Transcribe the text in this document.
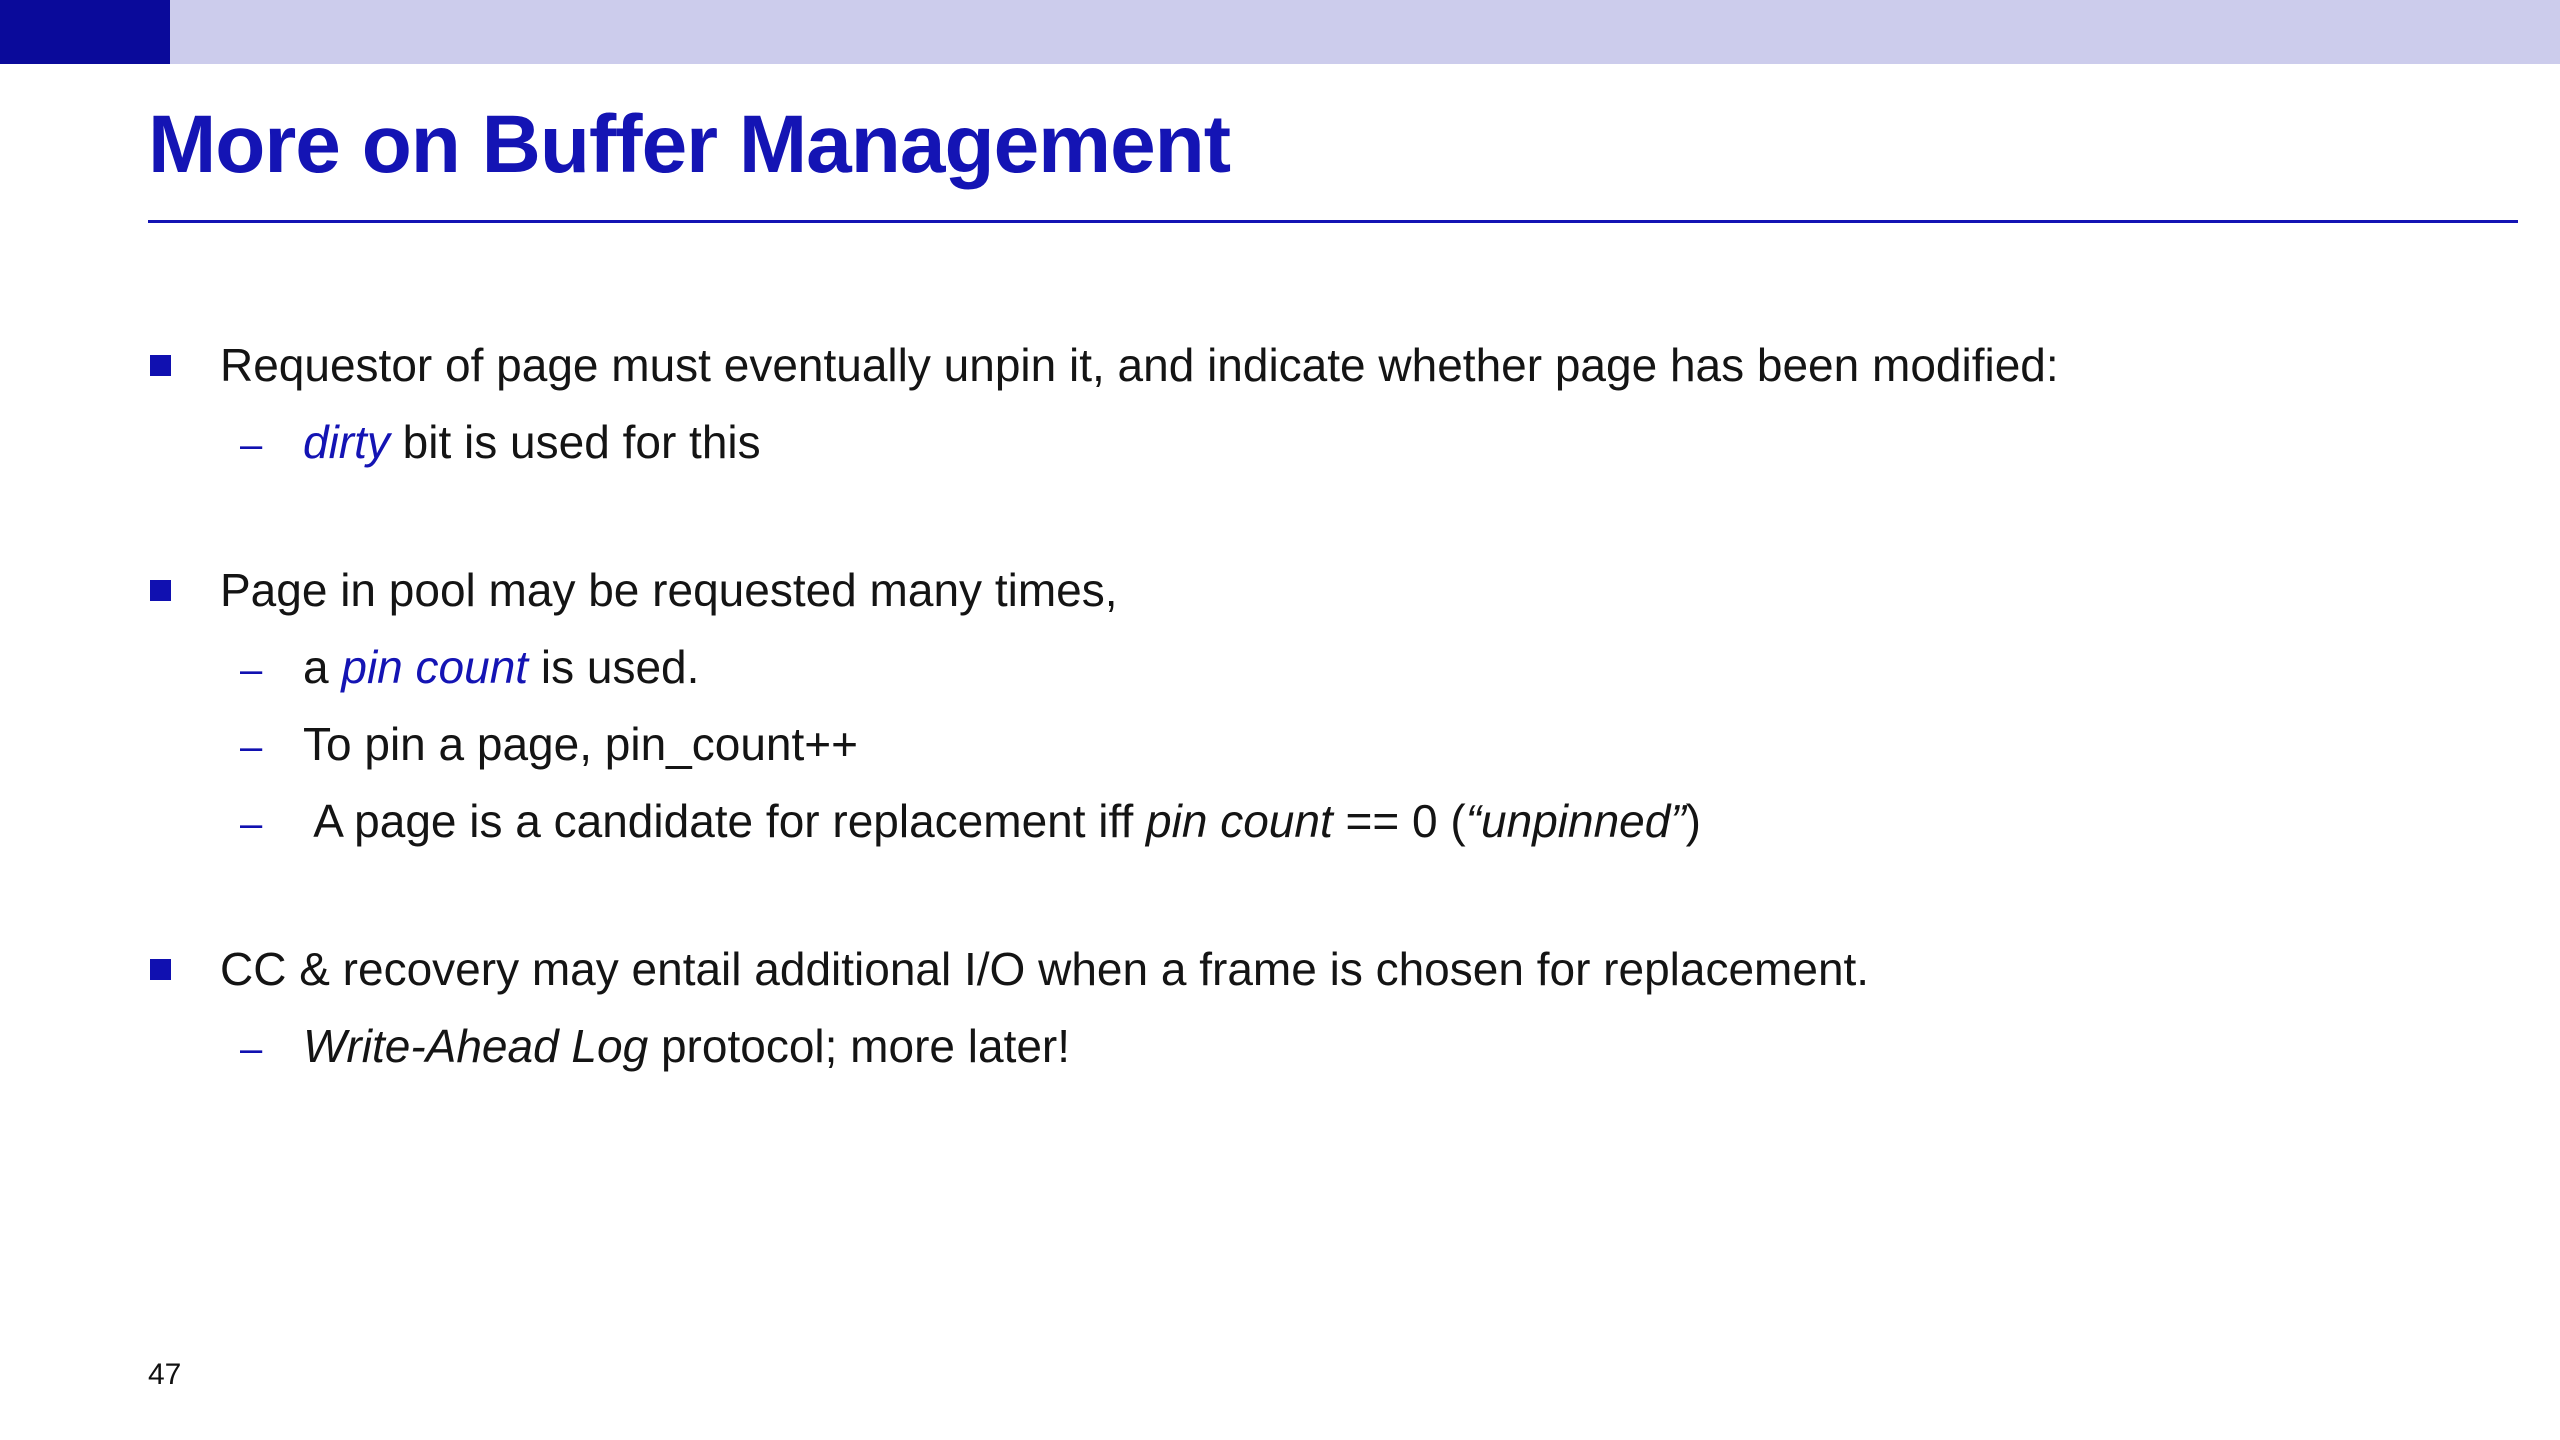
More on Buffer Management
Requestor of page must eventually unpin it, and indicate whether page has been modified:
– dirty bit is used for this
Page in pool may be requested many times,
– a pin count is used.
– To pin a page, pin_count++
– A page is a candidate for replacement iff pin count == 0 (“unpinned”)
CC & recovery may entail additional I/O when a frame is chosen for replacement.
– Write-Ahead Log protocol; more later!
47
